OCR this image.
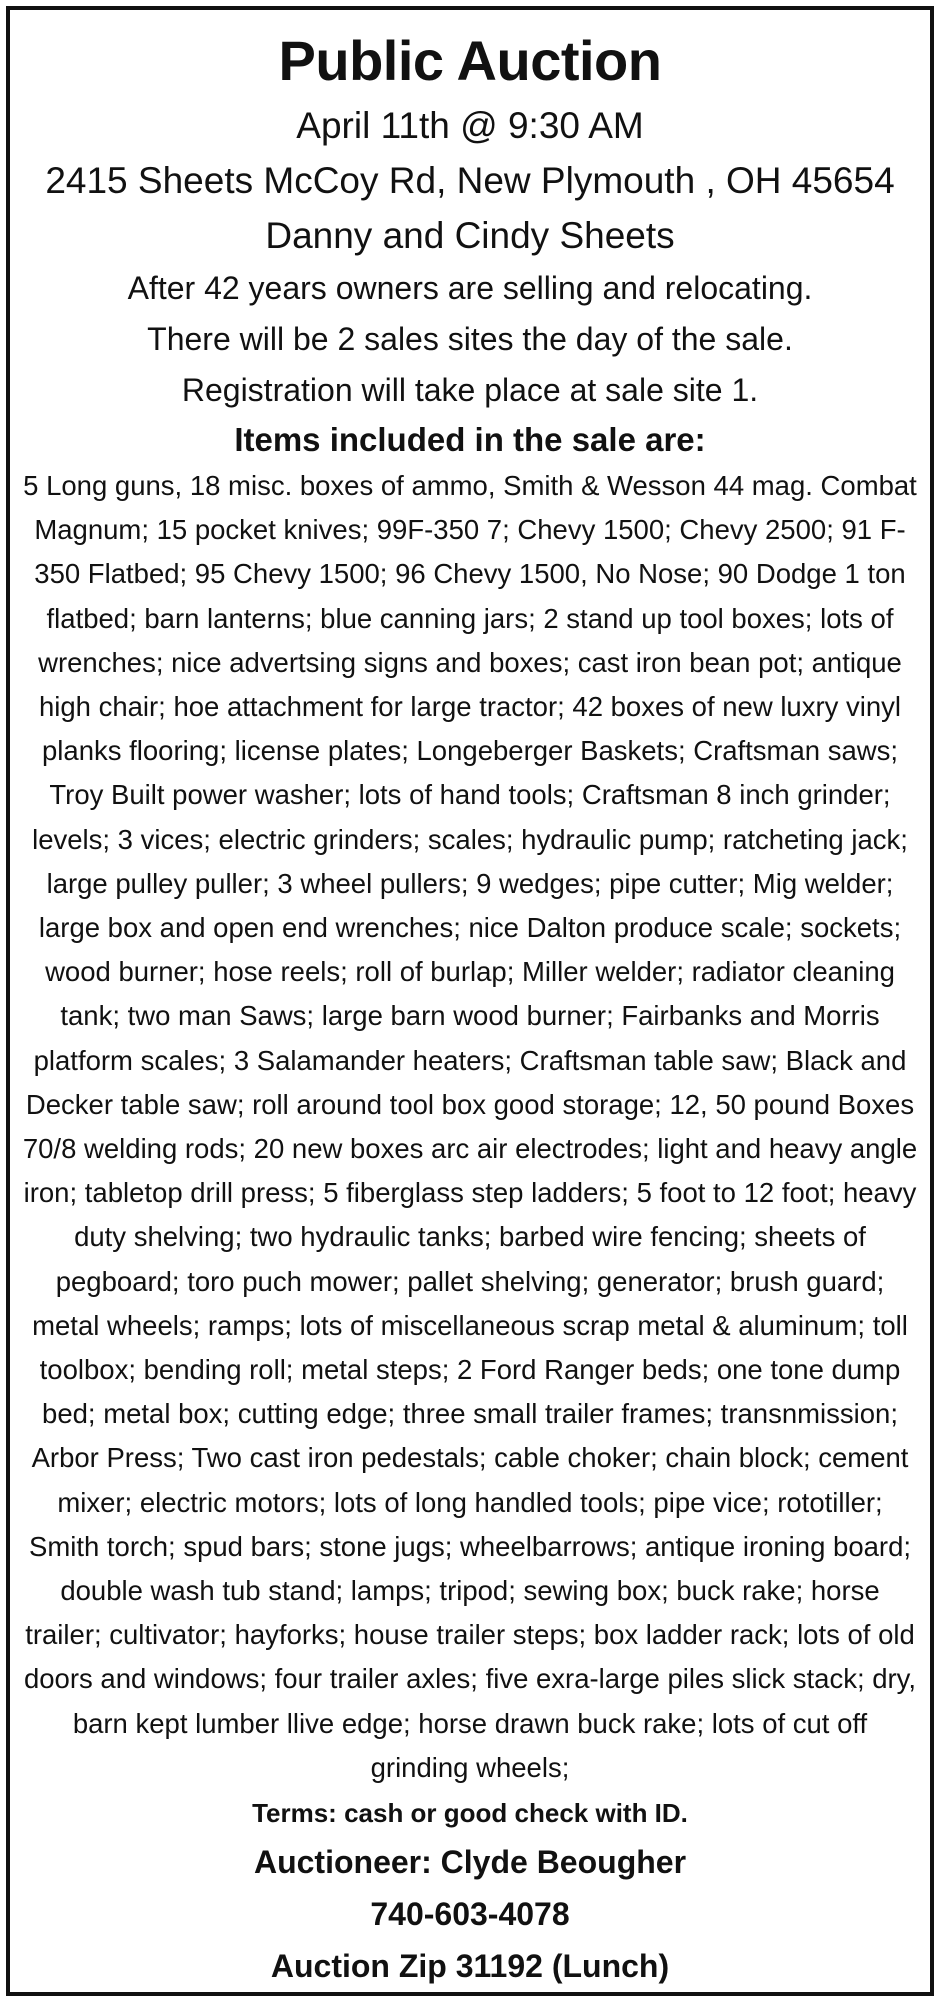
Public Auction
April 11th @ 9:30 AM
2415 Sheets McCoy Rd, New Plymouth , OH 45654
Danny and Cindy Sheets
After 42 years owners are selling and relocating.
There will be 2 sales sites the day of the sale.
Registration will take place at sale site 1.
Items included in the sale are:
5 Long guns, 18 misc. boxes of ammo, Smith & Wesson 44 mag. Combat Magnum; 15 pocket knives; 99F-350 7; Chevy 1500; Chevy 2500; 91 F-350 Flatbed; 95 Chevy 1500; 96 Chevy 1500, No Nose; 90 Dodge 1 ton flatbed; barn lanterns; blue canning jars; 2 stand up tool boxes; lots of wrenches; nice advertsing signs and boxes; cast iron bean pot; antique high chair; hoe attachment for large tractor; 42 boxes of new luxry vinyl planks flooring; license plates; Longeberger Baskets; Craftsman saws; Troy Built power washer; lots of hand tools; Craftsman 8 inch grinder; levels; 3 vices; electric grinders; scales; hydraulic pump; ratcheting jack; large pulley puller; 3 wheel pullers; 9 wedges; pipe cutter; Mig welder; large box and open end wrenches; nice Dalton produce scale; sockets; wood burner; hose reels; roll of burlap; Miller welder; radiator cleaning tank; two man Saws; large barn wood burner; Fairbanks and Morris platform scales; 3 Salamander heaters; Craftsman table saw; Black and Decker table saw; roll around tool box good storage; 12, 50 pound Boxes 70/8 welding rods; 20 new boxes arc air electrodes; light and heavy angle iron; tabletop drill press; 5 fiberglass step ladders; 5 foot to 12 foot; heavy duty shelving; two hydraulic tanks; barbed wire fencing; sheets of pegboard; toro puch mower; pallet shelving; generator; brush guard; metal wheels; ramps; lots of miscellaneous scrap metal & aluminum; toll toolbox; bending roll; metal steps; 2 Ford Ranger beds; one tone dump bed; metal box; cutting edge; three small trailer frames; transnmission; Arbor Press; Two cast iron pedestals; cable choker; chain block; cement mixer; electric motors; lots of long handled tools; pipe vice; rototiller; Smith torch; spud bars; stone jugs; wheelbarrows; antique ironing board; double wash tub stand; lamps; tripod; sewing box; buck rake; horse trailer; cultivator; hayforks; house trailer steps; box ladder rack; lots of old doors and windows; four trailer axles; five exra-large piles slick stack; dry, barn kept lumber llive edge; horse drawn buck rake; lots of cut off grinding wheels;
Terms: cash or good check with ID.
Auctioneer: Clyde Beougher
740-603-4078
Auction Zip 31192 (Lunch)
